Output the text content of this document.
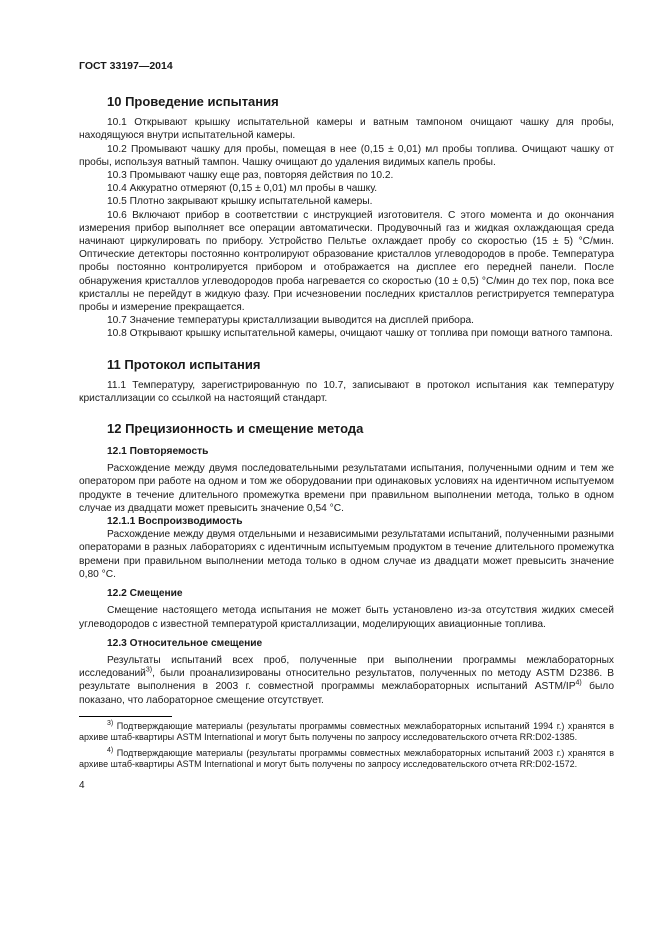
ГОСТ 33197—2014
10 Проведение испытания

10.1 Открывают крышку испытательной камеры и ватным тампоном очищают чашку для пробы, находящуюся внутри испытательной камеры.

10.2 Промывают чашку для пробы, помещая в нее (0,15 ± 0,01) мл пробы топлива. Очищают чашку от пробы, используя ватный тампон. Чашку очищают до удаления видимых капель пробы.

10.3 Промывают чашку еще раз, повторяя действия по 10.2.

10.4 Аккуратно отмеряют (0,15 ± 0,01) мл пробы в чашку.

10.5 Плотно закрывают крышку испытательной камеры.

10.6 Включают прибор в соответствии с инструкцией изготовителя. С этого момента и до окончания измерения прибор выполняет все операции автоматически. Продувочный газ и жидкая охлаждающая среда начинают циркулировать по прибору. Устройство Пельтье охлаждает пробу со скоростью (15 ± 5) °С/мин. Оптические детекторы постоянно контролируют образование кристаллов углеводородов в пробе. Температура пробы постоянно контролируется прибором и отображается на дисплее его передней панели. После обнаружения кристаллов углеводородов проба нагревается со скоростью (10 ± 0,5) °С/мин до тех пор, пока все кристаллы не перейдут в жидкую фазу. При исчезновении последних кристаллов регистрируется температура пробы и измерение прекращается.

10.7 Значение температуры кристаллизации выводится на дисплей прибора.

10.8 Открывают крышку испытательной камеры, очищают чашку от топлива при помощи ватного тампона.

11 Протокол испытания

11.1 Температуру, зарегистрированную по 10.7, записывают в протокол испытания как температуру кристаллизации со ссылкой на настоящий стандарт.

12 Прецизионность и смещение метода
12.1 Повторяемость

Расхождение между двумя последовательными результатами испытания, полученными одним и тем же оператором при работе на одном и том же оборудовании при одинаковых условиях на идентичном испытуемом продукте в течение длительного промежутка времени при правильном выполнении метода, только в одном случае из двадцати может превысить значение 0,54 °С.

12.1.1 Воспроизводимость

Расхождение между двумя отдельными и независимыми результатами испытаний, полученными разными операторами в разных лабораториях с идентичным испытуемым продуктом в течение длительного промежутка времени при правильном выполнении метода только в одном случае из двадцати может превысить значение 0,80 °С.

12.2 Смещение

Смещение настоящего метода испытания не может быть установлено из-за отсутствия жидких смесей углеводородов с известной температурой кристаллизации, моделирующих авиационные топлива.

12.3 Относительное смещение

Результаты испытаний всех проб, полученные при выполнении программы межлабораторных исследований$^{3)}$, были проанализированы относительно результатов, полученных по методу ASTM D2386. В результате выполнения в 2003 г. совместной программы межлабораторных испытаний ASTM/IP$^{4)}$ было показано, что лабораторное смещение отсутствует.

$^{3)}$ Подтверждающие материалы (результаты программы совместных межлабораторных испытаний 1994 г.) хранятся в архиве штаб-квартиры ASTM International и могут быть получены по запросу исследовательского отчета RR:D02-1385.

$^{4)}$ Подтверждающие материалы (результаты программы совместных межлабораторных испытаний 2003 г.) хранятся в архиве штаб-квартиры ASTM International и могут быть получены по запросу исследовательского отчета RR:D02-1572.

4
